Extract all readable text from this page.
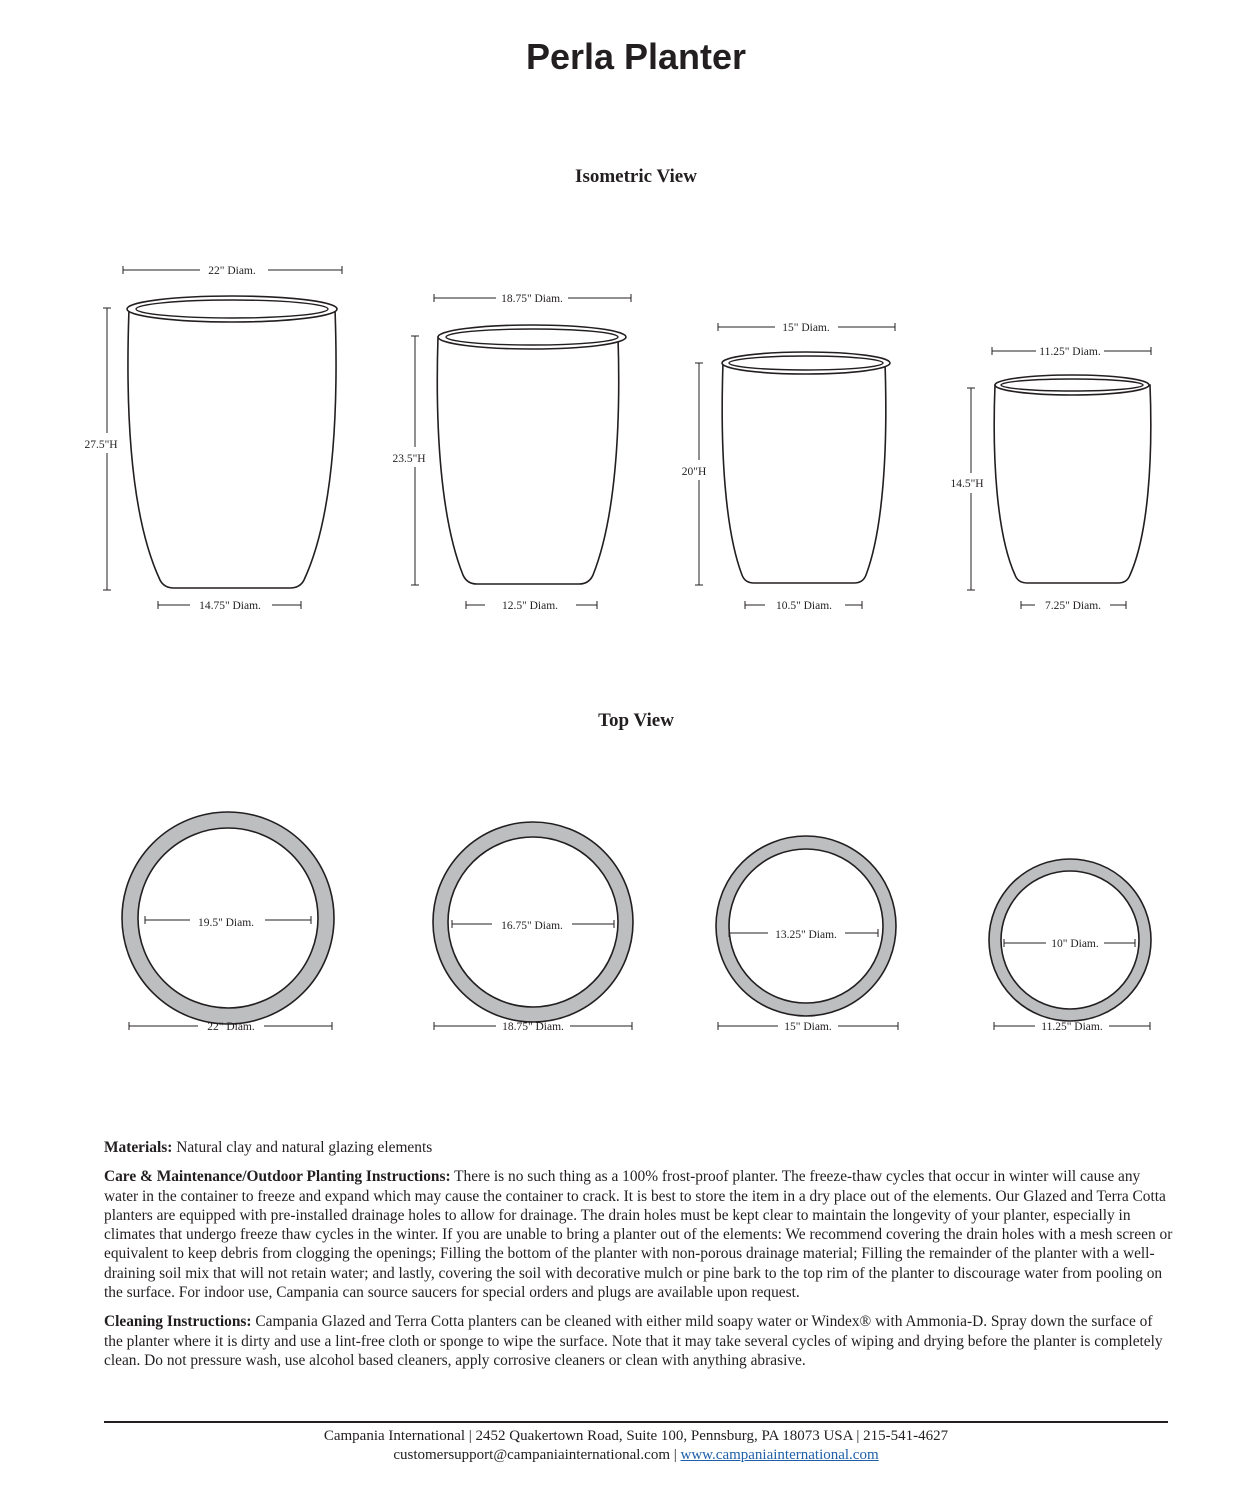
Perla Planter
Isometric View
Top View
22" Diam.
27.5"H
14.75" Diam.
18.75" Diam.
23.5"H
12.5" Diam.
15" Diam.
20"H
10.5" Diam.
11.25" Diam.
14.5"H
7.25" Diam.
19.5" Diam.
22" Diam.
16.75" Diam.
18.75" Diam.
13.25" Diam.
15" Diam.
10" Diam.
11.25" Diam.

Materials: Natural clay and natural glazing elements

Care & Maintenance/Outdoor Planting Instructions: There is no such thing as a 100% frost-proof planter. The freeze-thaw cycles that occur in winter will cause any water in the container to freeze and expand which may cause the container to crack. It is best to store the item in a dry place out of the elements. Our Glazed and Terra Cotta planters are equipped with pre-installed drainage holes to allow for drainage. The drain holes must be kept clear to maintain the longevity of your planter, especially in climates that undergo freeze thaw cycles in the winter. If you are unable to bring a planter out of the elements: We recommend covering the drain holes with a mesh screen or equivalent to keep debris from clogging the openings; Filling the bottom of the planter with non-porous drainage material; Filling the remainder of the planter with a well-draining soil mix that will not retain water; and lastly, covering the soil with decorative mulch or pine bark to the top rim of the planter to discourage water from pooling on the surface. For indoor use, Campania can source saucers for special orders and plugs are available upon request.

Cleaning Instructions: Campania Glazed and Terra Cotta planters can be cleaned with either mild soapy water or Windex® with Ammonia-D. Spray down the surface of the planter where it is dirty and use a lint-free cloth or sponge to wipe the surface. Note that it may take several cycles of wiping and drying before the planter is completely clean. Do not pressure wash, use alcohol based cleaners, apply corrosive cleaners or clean with anything abrasive.

Campania International | 2452 Quakertown Road, Suite 100, Pennsburg, PA 18073 USA | 215-541-4627
customersupport@campaniainternational.com | www.campaniainternational.com
